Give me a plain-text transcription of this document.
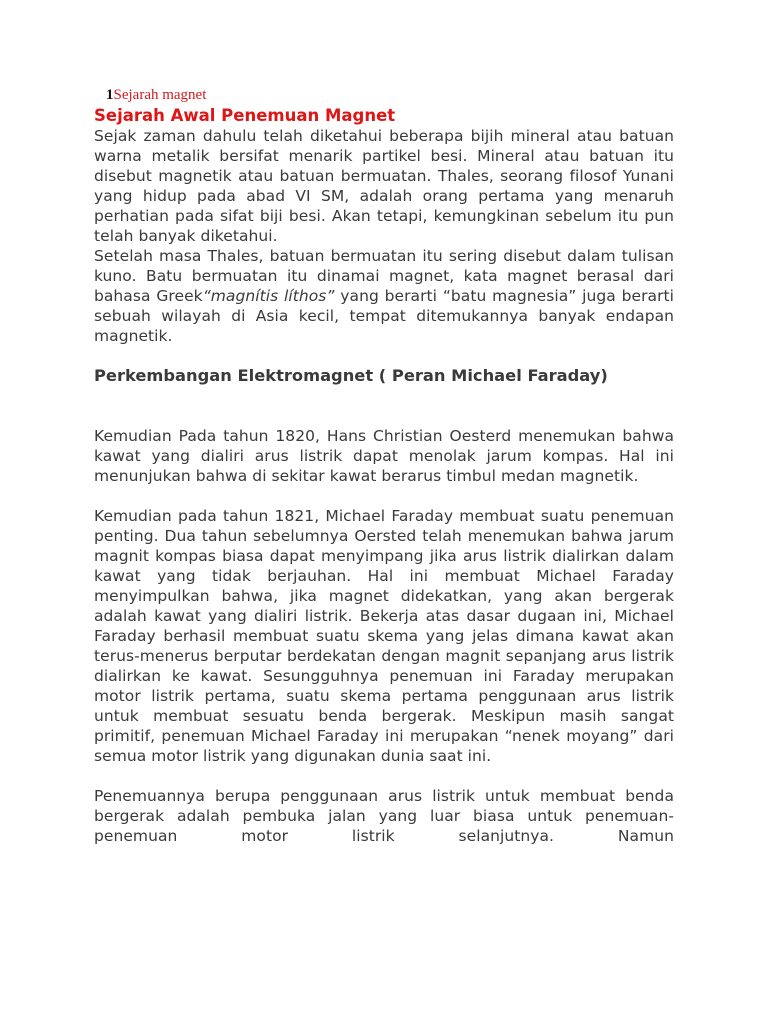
1Sejarah magnet
Sejarah Awal Penemuan Magnet

Sejak zaman dahulu telah diketahui beberapa bijih mineral atau batuan warna metalik bersifat menarik partikel besi. Mineral atau batuan itu disebut magnetik atau batuan bermuatan. Thales, seorang filosof Yunani yang hidup pada abad VI SM, adalah orang pertama yang menaruh perhatian pada sifat biji besi. Akan tetapi, kemungkinan sebelum itu pun telah banyak diketahui.

Setelah masa Thales, batuan bermuatan itu sering disebut dalam tulisan kuno. Batu bermuatan itu dinamai magnet, kata magnet berasal dari bahasa Greek“magnítis líthos” yang berarti “batu magnesia” juga berarti sebuah wilayah di Asia kecil, tempat ditemukannya banyak endapan magnetik.

Perkembangan Elektromagnet ( Peran Michael Faraday)

Kemudian Pada tahun 1820, Hans Christian Oesterd menemukan bahwa kawat yang dialiri arus listrik dapat menolak jarum kompas. Hal ini menunjukan bahwa di sekitar kawat berarus timbul medan magnetik.

Kemudian pada tahun 1821, Michael Faraday membuat suatu penemuan penting. Dua tahun sebelumnya Oersted telah menemukan bahwa jarum magnit kompas biasa dapat menyimpang jika arus listrik dialirkan dalam kawat yang tidak berjauhan. Hal ini membuat Michael Faraday menyimpulkan bahwa, jika magnet didekatkan, yang akan bergerak adalah kawat yang dialiri listrik. Bekerja atas dasar dugaan ini, Michael Faraday berhasil membuat suatu skema yang jelas dimana kawat akan terus-menerus berputar berdekatan dengan magnit sepanjang arus listrik dialirkan ke kawat. Sesungguhnya penemuan ini Faraday merupakan motor listrik pertama, suatu skema pertama penggunaan arus listrik untuk membuat sesuatu benda bergerak. Meskipun masih sangat primitif, penemuan Michael Faraday ini merupakan “nenek moyang” dari semua motor listrik yang digunakan dunia saat ini.

Penemuannya berupa penggunaan arus listrik untuk membuat benda bergerak adalah pembuka jalan yang luar biasa untuk penemuan-penemuan motor listrik selanjutnya. Namun
